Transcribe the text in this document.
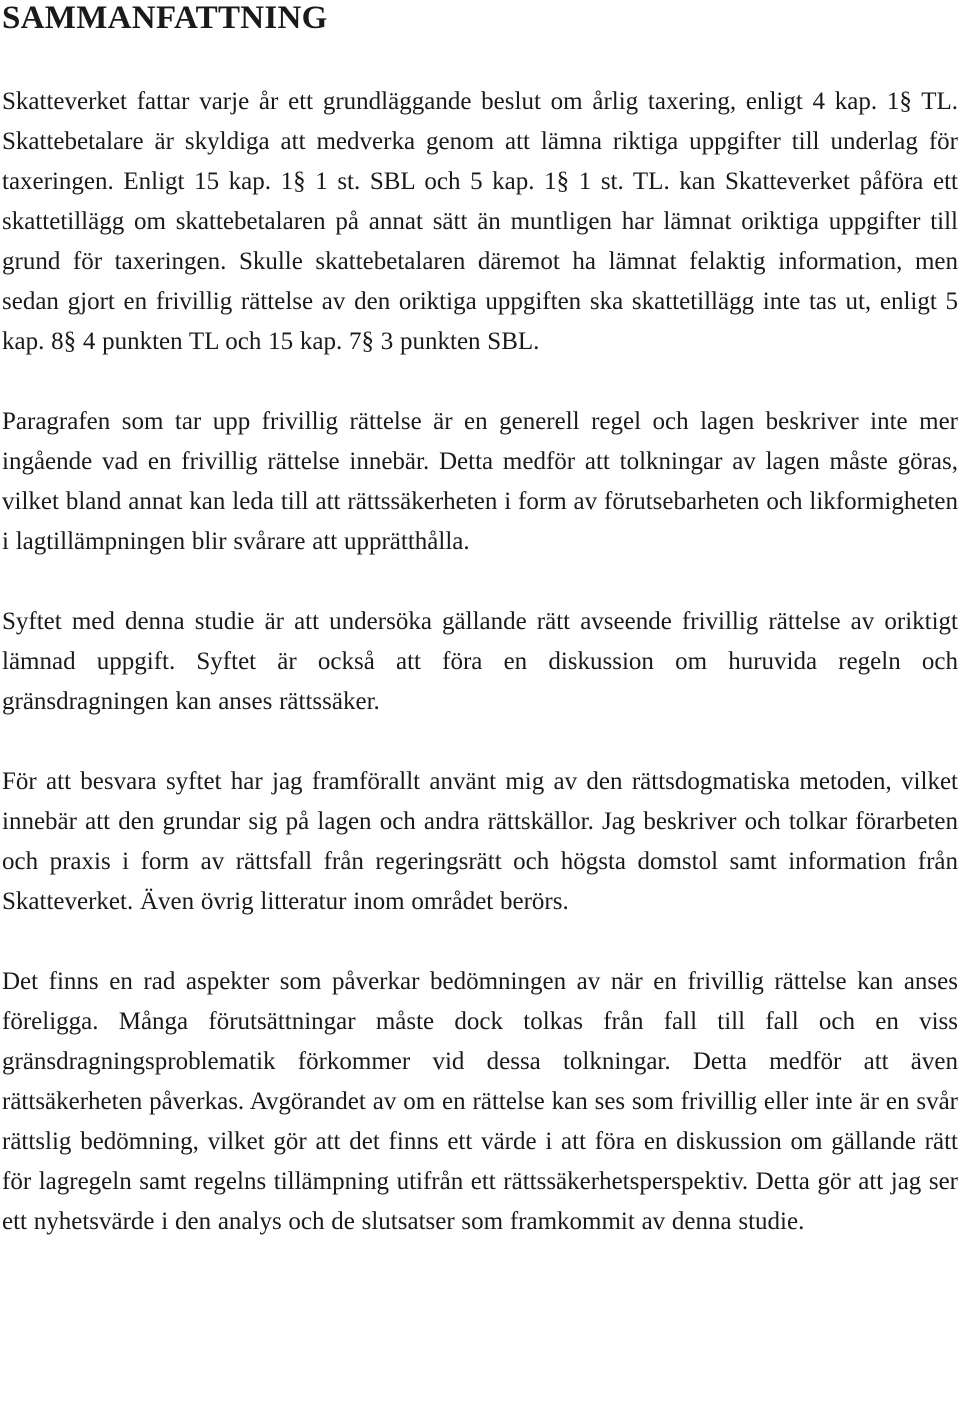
SAMMANFATTNING

Skatteverket fattar varje år ett grundläggande beslut om årlig taxering, enligt 4 kap. 1§ TL. Skattebetalare är skyldiga att medverka genom att lämna riktiga uppgifter till underlag för taxeringen. Enligt 15 kap. 1§ 1 st. SBL och 5 kap. 1§ 1 st. TL. kan Skatteverket påföra ett skattetillägg om skattebetalaren på annat sätt än muntligen har lämnat oriktiga uppgifter till grund för taxeringen. Skulle skattebetalaren däremot ha lämnat felaktig information, men sedan gjort en frivillig rättelse av den oriktiga uppgiften ska skattetillägg inte tas ut, enligt 5 kap. 8§ 4 punkten TL och 15 kap. 7§ 3 punkten SBL.

Paragrafen som tar upp frivillig rättelse är en generell regel och lagen beskriver inte mer ingående vad en frivillig rättelse innebär. Detta medför att tolkningar av lagen måste göras, vilket bland annat kan leda till att rättssäkerheten i form av förutsebarheten och likformigheten i lagtillämpningen blir svårare att upprätthålla.

Syftet med denna studie är att undersöka gällande rätt avseende frivillig rättelse av oriktigt lämnad uppgift. Syftet är också att föra en diskussion om huruvida regeln och gränsdragningen kan anses rättssäker.

För att besvara syftet har jag framförallt använt mig av den rättsdogmatiska metoden, vilket innebär att den grundar sig på lagen och andra rättskällor. Jag beskriver och tolkar förarbeten och praxis i form av rättsfall från regeringsrätt och högsta domstol samt information från Skatteverket. Även övrig litteratur inom området berörs.

Det finns en rad aspekter som påverkar bedömningen av när en frivillig rättelse kan anses föreligga. Många förutsättningar måste dock tolkas från fall till fall och en viss gränsdragningsproblematik förkommer vid dessa tolkningar. Detta medför att även rättsäkerheten påverkas. Avgörandet av om en rättelse kan ses som frivillig eller inte är en svår rättslig bedömning, vilket gör att det finns ett värde i att föra en diskussion om gällande rätt för lagregeln samt regelns tillämpning utifrån ett rättssäkerhetsperspektiv. Detta gör att jag ser ett nyhetsvärde i den analys och de slutsatser som framkommit av denna studie.
